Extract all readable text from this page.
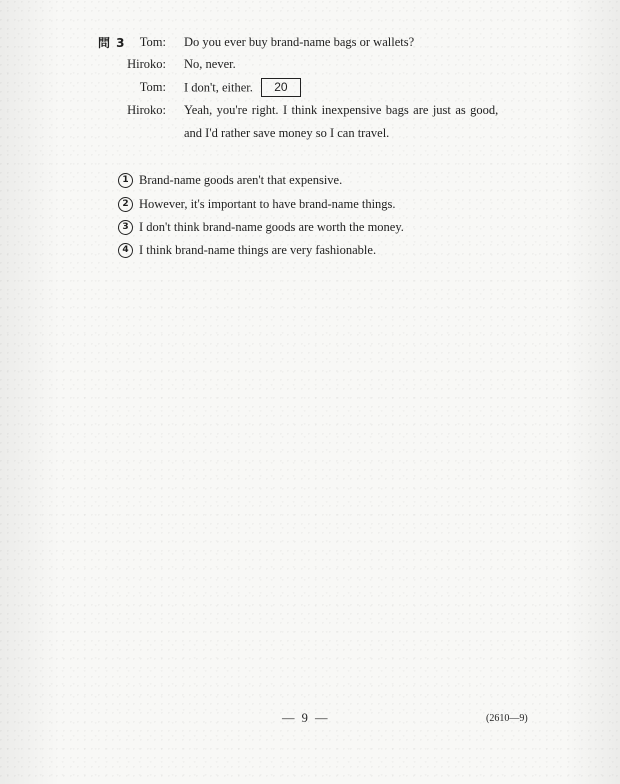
問 3	Tom: Do you ever buy brand-name bags or wallets?
Hiroko: No, never.
Tom: I don't, either. 20
Hiroko: Yeah, you're right. I think inexpensive bags are just as good,
and I'd rather save money so I can travel.
1 Brand-name goods aren't that expensive.
2 However, it's important to have brand-name things.
3 I don't think brand-name goods are worth the money.
4 I think brand-name things are very fashionable.
— 9 —	(2610—9)
